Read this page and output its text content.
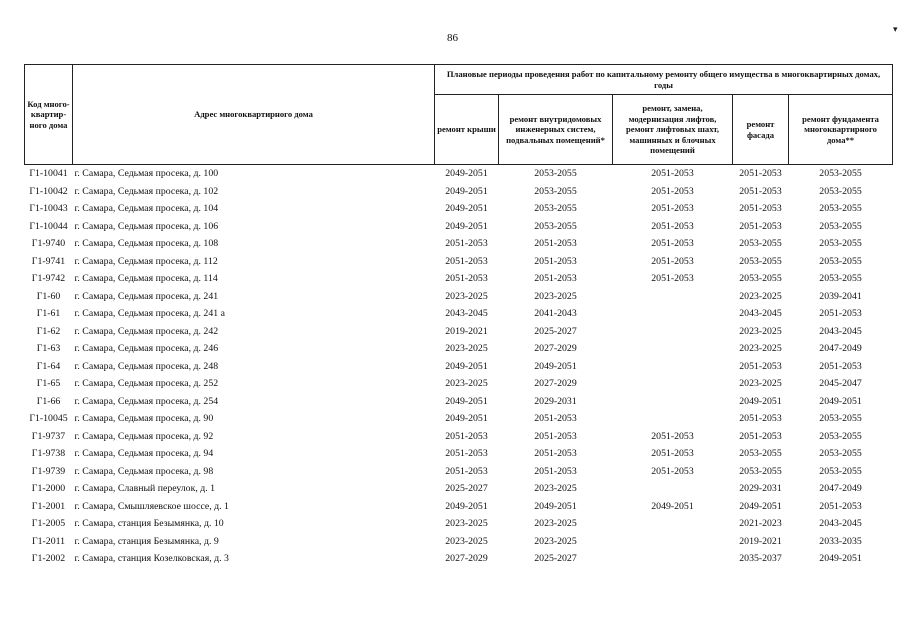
86
▾
Код много-квартир-ного дома	Адрес многоквартирного дома	Плановые периоды проведения работ по капитальному ремонту общего имущества в многоквартирных домах, годы				
		ремонт крыши	ремонт внутридомовых инженерных систем, подвальных помещений*	ремонт, замена, модернизация лифтов, ремонт лифтовых шахт, машинных и блочных помещений	ремонт фасада	ремонт фундамента многоквартирного дома**
Г1-10041	г. Самара, Седьмая просека, д. 100	2049-2051	2053-2055	2051-2053	2051-2053	2053-2055
Г1-10042	г. Самара, Седьмая просека, д. 102	2049-2051	2053-2055	2051-2053	2051-2053	2053-2055
Г1-10043	г. Самара, Седьмая просека, д. 104	2049-2051	2053-2055	2051-2053	2051-2053	2053-2055
Г1-10044	г. Самара, Седьмая просека, д. 106	2049-2051	2053-2055	2051-2053	2051-2053	2053-2055
Г1-9740	г. Самара, Седьмая просека, д. 108	2051-2053	2051-2053	2051-2053	2053-2055	2053-2055
Г1-9741	г. Самара, Седьмая просека, д. 112	2051-2053	2051-2053	2051-2053	2053-2055	2053-2055
Г1-9742	г. Самара, Седьмая просека, д. 114	2051-2053	2051-2053	2051-2053	2053-2055	2053-2055
Г1-60	г. Самара, Седьмая просека, д. 241	2023-2025	2023-2025		2023-2025	2039-2041
Г1-61	г. Самара, Седьмая просека, д. 241 а	2043-2045	2041-2043		2043-2045	2051-2053
Г1-62	г. Самара, Седьмая просека, д. 242	2019-2021	2025-2027		2023-2025	2043-2045
Г1-63	г. Самара, Седьмая просека, д. 246	2023-2025	2027-2029		2023-2025	2047-2049
Г1-64	г. Самара, Седьмая просека, д. 248	2049-2051	2049-2051		2051-2053	2051-2053
Г1-65	г. Самара, Седьмая просека, д. 252	2023-2025	2027-2029		2023-2025	2045-2047
Г1-66	г. Самара, Седьмая просека, д. 254	2049-2051	2029-2031		2049-2051	2049-2051
Г1-10045	г. Самара, Седьмая просека, д. 90	2049-2051	2051-2053		2051-2053	2053-2055
Г1-9737	г. Самара, Седьмая просека, д. 92	2051-2053	2051-2053	2051-2053	2051-2053	2053-2055
Г1-9738	г. Самара, Седьмая просека, д. 94	2051-2053	2051-2053	2051-2053	2053-2055	2053-2055
Г1-9739	г. Самара, Седьмая просека, д. 98	2051-2053	2051-2053	2051-2053	2053-2055	2053-2055
Г1-2000	г. Самара, Славный переулок, д. 1	2025-2027	2023-2025		2029-2031	2047-2049
Г1-2001	г. Самара, Смышляевское шоссе, д. 1	2049-2051	2049-2051	2049-2051	2049-2051	2051-2053
Г1-2005	г. Самара, станция Безымянка, д. 10	2023-2025	2023-2025		2021-2023	2043-2045
Г1-2011	г. Самара, станция Безымянка, д. 9	2023-2025	2023-2025		2019-2021	2033-2035
Г1-2002	г. Самара, станция Козелковская, д. 3	2027-2029	2025-2027		2035-2037	2049-2051
